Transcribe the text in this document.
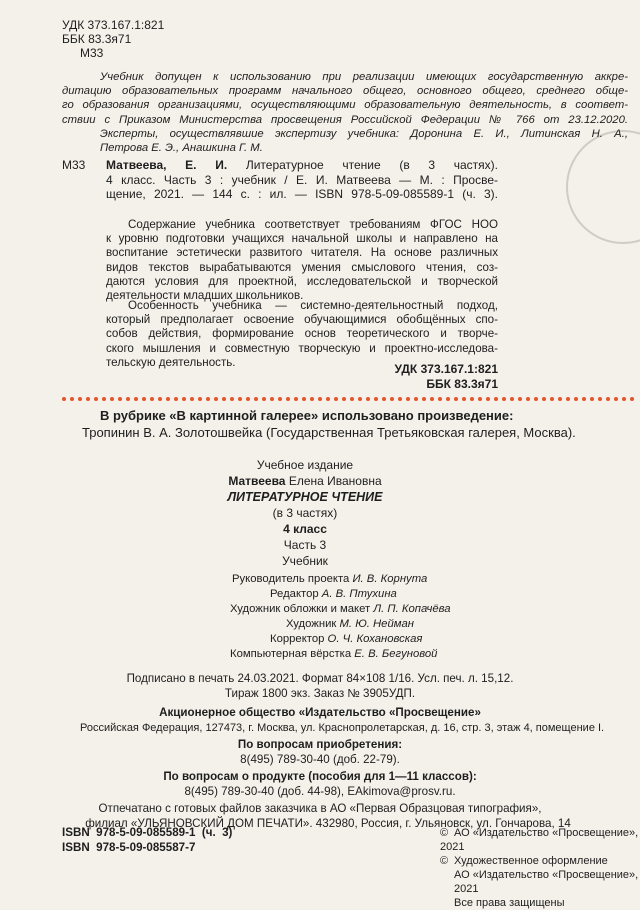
УДК 373.167.1:821
ББК 83.3я71
М33
Учебник допущен к использованию при реализации имеющих государственную аккре-
дитацию образовательных программ начального общего, основного общего, среднего обще-
го образования организациями, осуществляющими образовательную деятельность, в соответ-
ствии с Приказом Министерства просвещения Российской Федерации № 766 от 23.12.2020.
Эксперты, осуществлявшие экспертизу учебника: Доронина Е. И., Литинская Н. А.,
Петрова Е. Э., Анашкина Г. М.
М33 Матвеева, Е. И. Литературное чтение (в 3 частях).
4 класс. Часть 3 : учебник / Е. И. Матвеева — М. : Просве-
щение, 2021. — 144 с. : ил. — ISBN 978-5-09-085589-1 (ч. 3).
Содержание учебника соответствует требованиям ФГОС НОО
к уровню подготовки учащихся начальной школы и направлено на
воспитание эстетически развитого читателя. На основе различных
видов текстов вырабатываются умения смыслового чтения, соз-
даются условия для проектной, исследовательской и творческой
деятельности младших школьников.
Особенность учебника — системно-деятельностный подход,
который предполагает освоение обучающимися обобщённых спо-
собов действия, формирование основ теоретического и творче-
ского мышления и совместную творческую и проектно-исследова-
тельскую деятельность.	УДК 373.167.1:821
ББК 83.3я71
В рубрике «В картинной галерее» использовано произведение:
Тропинин В. А. Золотошвейка (Государственная Третьяковская галерея, Москва).
Учебное издание
Матвеева Елена Ивановна
ЛИТЕРАТУРНОЕ ЧТЕНИЕ
(в 3 частях)
4 класс
Часть 3
Учебник
Руководитель проекта И. В. Корнута
Редактор А. В. Птухина
Художник обложки и макет Л. П. Копачёва
Художник М. Ю. Нейман
Корректор О. Ч. Кохановская
Компьютерная вёрстка Е. В. Бегуновой
Подписано в печать 24.03.2021. Формат 84×108 1/16. Усл. печ. л. 15,12.
Тираж 1800 экз. Заказ № 3905УДП.
Акционерное общество «Издательство «Просвещение»
Российская Федерация, 127473, г. Москва, ул. Краснопролетарская, д. 16, стр. 3, этаж 4, помещение I.
По вопросам приобретения:
8(495) 789-30-40 (доб. 22-79).
По вопросам о продукте (пособия для 1—11 классов):
8(495) 789-30-40 (доб. 44-98), EAkimova@prosv.ru.
Отпечатано с готовых файлов заказчика в АО «Первая Образцовая типография»,
филиал «УЛЬЯНОВСКИЙ ДОМ ПЕЧАТИ». 432980, Россия, г. Ульяновск, ул. Гончарова, 14
ISBN  978-5-09-085589-1  (ч.  3)
ISBN  978-5-09-085587-7
© АО «Издательство «Просвещение», 2021
© Художественное оформление
АО «Издательство «Просвещение», 2021
Все права защищены
